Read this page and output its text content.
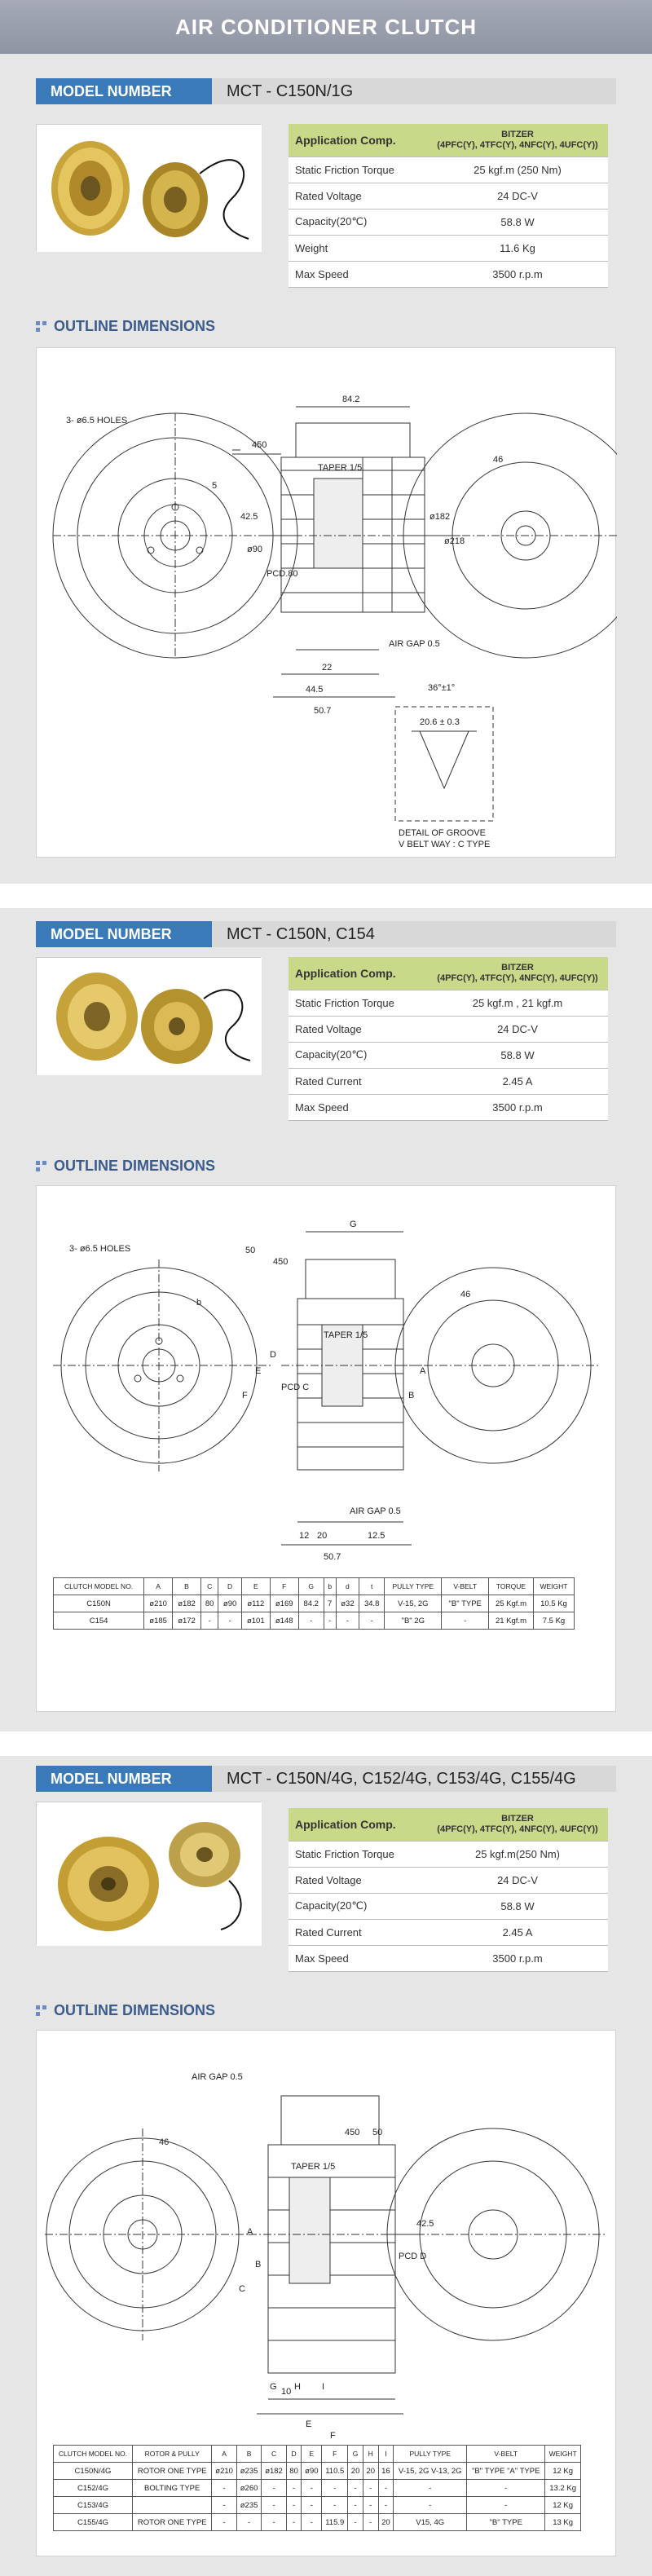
AIR CONDITIONER CLUTCH
MODEL NUMBER	MCT - C150N/1G
Application Comp.	BITZER
(4PFC(Y), 4TFC(Y), 4NFC(Y), 4UFC(Y))

Static Friction Torque	25 kgf.m (250 Nm)
Rated Voltage	24 DC-V
Capacity(20℃)	58.8 W
Weight	11.6 Kg
Max Speed	3500 r.p.m
OUTLINE DIMENSIONS
3- ø6.5 HOLES
84.2
450
46
5
42.5
ø90
PCD.80
TAPER 1/5
ø182
ø218
AIR GAP 0.5
22
44.5
50.7
36°±1°
20.6 ± 0.3
DETAIL OF GROOVE
V BELT WAY : C TYPE
MODEL NUMBER	MCT - C150N, C154
Application Comp.	BITZER
(4PFC(Y), 4TFC(Y), 4NFC(Y), 4UFC(Y))

Static Friction Torque	25 kgf.m , 21 kgf.m
Rated Voltage	24 DC-V
Capacity(20℃)	58.8 W
Rated Current	2.45 A
Max Speed	3500 r.p.m
OUTLINE DIMENSIONS
3- ø6.5 HOLES
G
50
450
46
PCD C
TAPER 1/5
AIR GAP 0.5
12 20	12.5
50.7
A
B
E
F
D
b
CLUTCH MODEL NO.	A	B	C	D	E	F	G	b	d	t	PULLY TYPE	V-BELT	TORQUE	WEIGHT
C150N	ø210	ø182	80	ø90	ø112	ø169	84.2	7	ø32	34.8	V-15, 2G	"B" TYPE	25 Kgf.m	10.5 Kg
C154	ø185	ø172	-	-	ø101	ø148	-	-	-	-	"B" 2G	-	21 Kgf.m	7.5 Kg
MODEL NUMBER	MCT - C150N/4G, C152/4G, C153/4G, C155/4G
Application Comp.	BITZER
(4PFC(Y), 4TFC(Y), 4NFC(Y), 4UFC(Y))

Static Friction Torque	25 kgf.m(250 Nm)
Rated Voltage	24 DC-V
Capacity(20℃)	58.8 W
Rated Current	2.45 A
Max Speed	3500 r.p.m
OUTLINE DIMENSIONS
AIR GAP 0.5
46
450 50
TAPER 1/5
PCD D
42.5
10
A
B
C
E
F
G H I
CLUTCH MODEL NO.	ROTOR & PULLY	A	B	C	D	E	F	G	H	I	PULLY TYPE	V-BELT	WEIGHT
C150N/4G	ROTOR ONE TYPE	ø210	ø235	ø182	80	ø90	110.5	20	20	16	V-15, 2G V-13, 2G	"B" TYPE "A" TYPE	12 Kg
C152/4G	BOLTING TYPE	-	ø260	-	-	-	-	-	-	-	-	-	13.2 Kg
C153/4G		-	ø235	-	-	-	-	-	-	-	-	-	12 Kg
C155/4G	ROTOR ONE TYPE	-	-	-	-	-	115.9	-	-	20	V15, 4G	"B" TYPE	13 Kg
